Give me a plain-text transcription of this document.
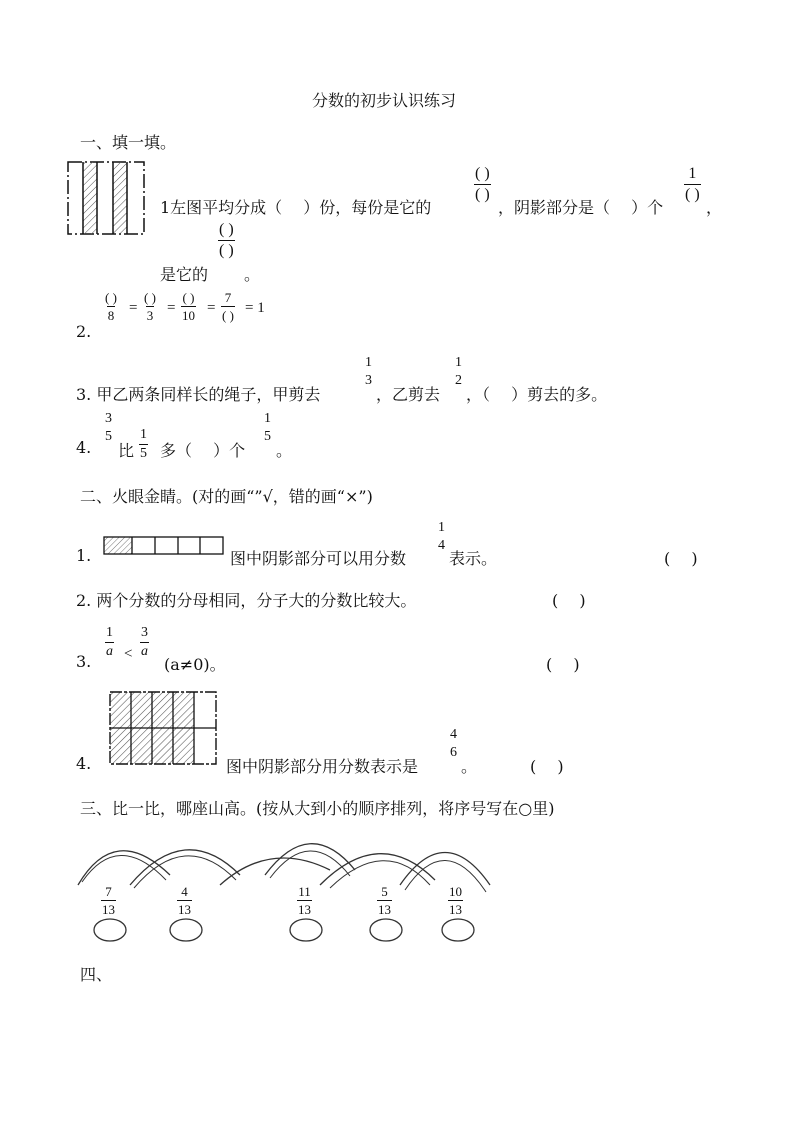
分数的初步认识练习
一、填一填。
1左图平均分成（　 ）份，每份是它的
( )
( )
，阴影部分是（　 ）个
1
( )
，
是它的
( )
( )
。
2.
( )
8 =
( )
3 =
( )
10 =
7
( ) = 1
3. 甲乙两条同样长的绳子，甲剪去
1
3
，乙剪去
1
2
，（　 ）剪去的多。
4.
3
5
比 $\frac{1}{5}$ 多（　 ）个
1
5
。
二、火眼金睛。(对的画“”√，错的画“×”)
1.	图中阴影部分可以用分数
1
4
表示。	(　 )
2. 两个分数的分母相同，分子大的分数比较大。	(　 )
3.
$\frac{1}{a} < \frac{3}{a}$
(a≠0)。	(　 )
4.	图中阴影部分用分数表示是
4
6
。	(　 )
三、比一比，哪座山高。(按从大到小的顺序排列，将序号写在○里)
$\frac{7}{13}$	$\frac{4}{13}$	$\frac{11}{13}$	$\frac{5}{13}$	$\frac{10}{13}$
四、
